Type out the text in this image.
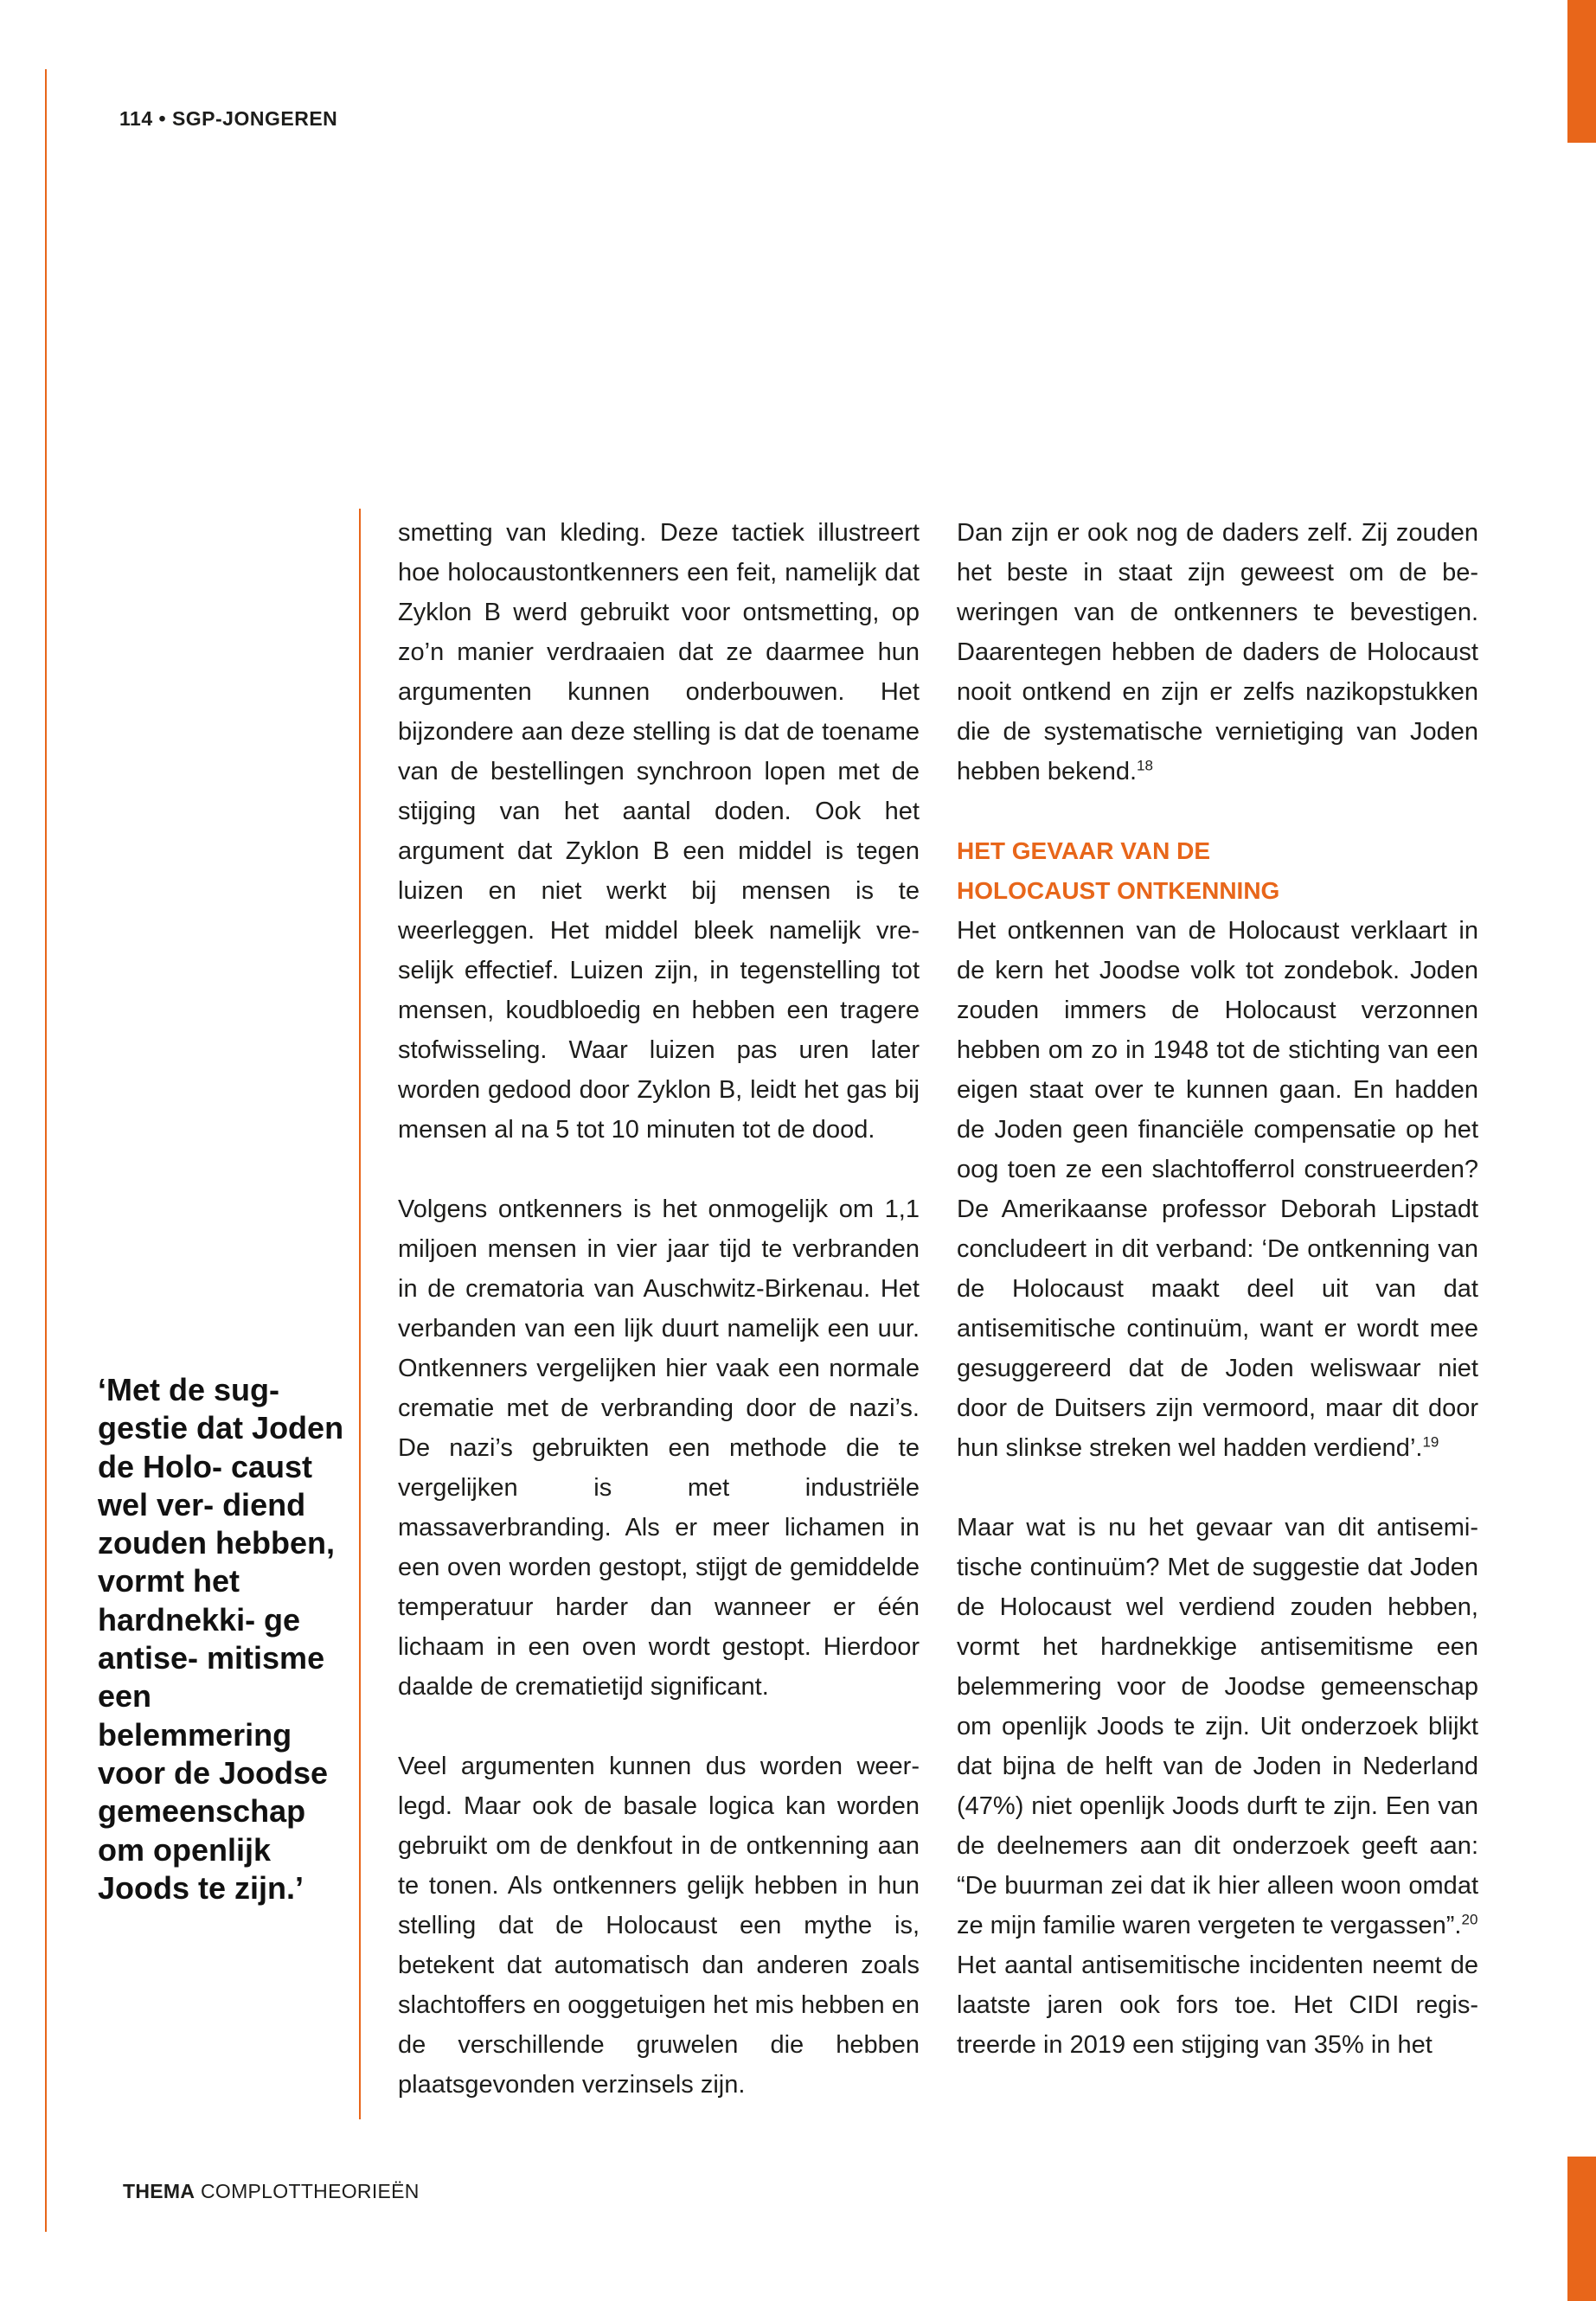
114 • SGP-JONGEREN
‘Met de sug- gestie dat Joden de Holo- caust wel ver- diend zouden hebben, vormt het hardnekki- ge antise- mitisme een belemmering voor de Joodse gemeenschap om openlijk Joods te zijn.’

smetting van kleding. Deze tactiek illustreert hoe holocaustontkenners een feit, namelijk dat Zyklon B werd gebruikt voor ontsmetting, op zo’n manier verdraaien dat ze daarmee hun argumenten kunnen onderbouwen. Het bijzondere aan deze stelling is dat de toename van de bestellingen synchroon lopen met de stijging van het aantal doden. Ook het argument dat Zyklon B een middel is tegen luizen en niet werkt bij mensen is te weerleggen. Het middel bleek namelijk vreselijk effectief. Luizen zijn, in tegenstelling tot mensen, koudbloedig en hebben een tragere stofwisseling. Waar luizen pas uren later worden gedood door Zyklon B, leidt het gas bij mensen al na 5 tot 10 minuten tot de dood.

Volgens ontkenners is het onmogelijk om 1,1 miljoen mensen in vier jaar tijd te verbranden in de crematoria van Auschwitz-Birkenau. Het verbanden van een lijk duurt namelijk een uur. Ontkenners vergelijken hier vaak een normale crematie met de verbranding door de nazi’s. De nazi’s gebruikten een methode die te vergelijken is met industriële massaverbranding. Als er meer lichamen in een oven worden gestopt, stijgt de gemiddelde temperatuur harder dan wanneer er één lichaam in een oven wordt gestopt. Hierdoor daalde de crematietijd significant.

Veel argumenten kunnen dus worden weerlegd. Maar ook de basale logica kan worden gebruikt om de denkfout in de ontkenning aan te tonen. Als ontkenners gelijk hebben in hun stelling dat de Holocaust een mythe is, betekent dat automatisch dan anderen zoals slachtoffers en ooggetuigen het mis hebben en de verschillende gruwelen die hebben plaatsgevonden verzinsels zijn.

Dan zijn er ook nog de daders zelf. Zij zouden het beste in staat zijn geweest om de beweringen van de ontkenners te bevestigen. Daarentegen hebben de daders de Holocaust nooit ontkend en zijn er zelfs nazikopstukken die de systematische vernietiging van Joden hebben bekend.$^{18}$

HET GEVAAR VAN DE
HOLOCAUST ONTKENNING

Het ontkennen van de Holocaust verklaart in de kern het Joodse volk tot zondebok. Joden zouden immers de Holocaust verzonnen hebben om zo in 1948 tot de stichting van een eigen staat over te kunnen gaan. En hadden de Joden geen financiële compensatie op het oog toen ze een slachtofferrol construeerden? De Amerikaanse professor Deborah Lipstadt concludeert in dit verband: ‘De ontkenning van de Holocaust maakt deel uit van dat antisemitische continuüm, want er wordt mee gesuggereerd dat de Joden weliswaar niet door de Duitsers zijn vermoord, maar dit door hun slinkse streken wel hadden verdiend’.$^{19}$

Maar wat is nu het gevaar van dit antisemitische continuüm? Met de suggestie dat Joden de Holocaust wel verdiend zouden hebben, vormt het hardnekkige antisemitisme een belemmering voor de Joodse gemeenschap om openlijk Joods te zijn. Uit onderzoek blijkt dat bijna de helft van de Joden in Nederland (47%) niet openlijk Joods durft te zijn. Een van de deelnemers aan dit onderzoek geeft aan: “De buurman zei dat ik hier alleen woon omdat ze mijn familie waren vergeten te vergassen”.$^{20}$

Het aantal antisemitische incidenten neemt de laatste jaren ook fors toe. Het CIDI registreerde in 2019 een stijging van 35% in het

THEMA COMPLOTTHEORIEËN
